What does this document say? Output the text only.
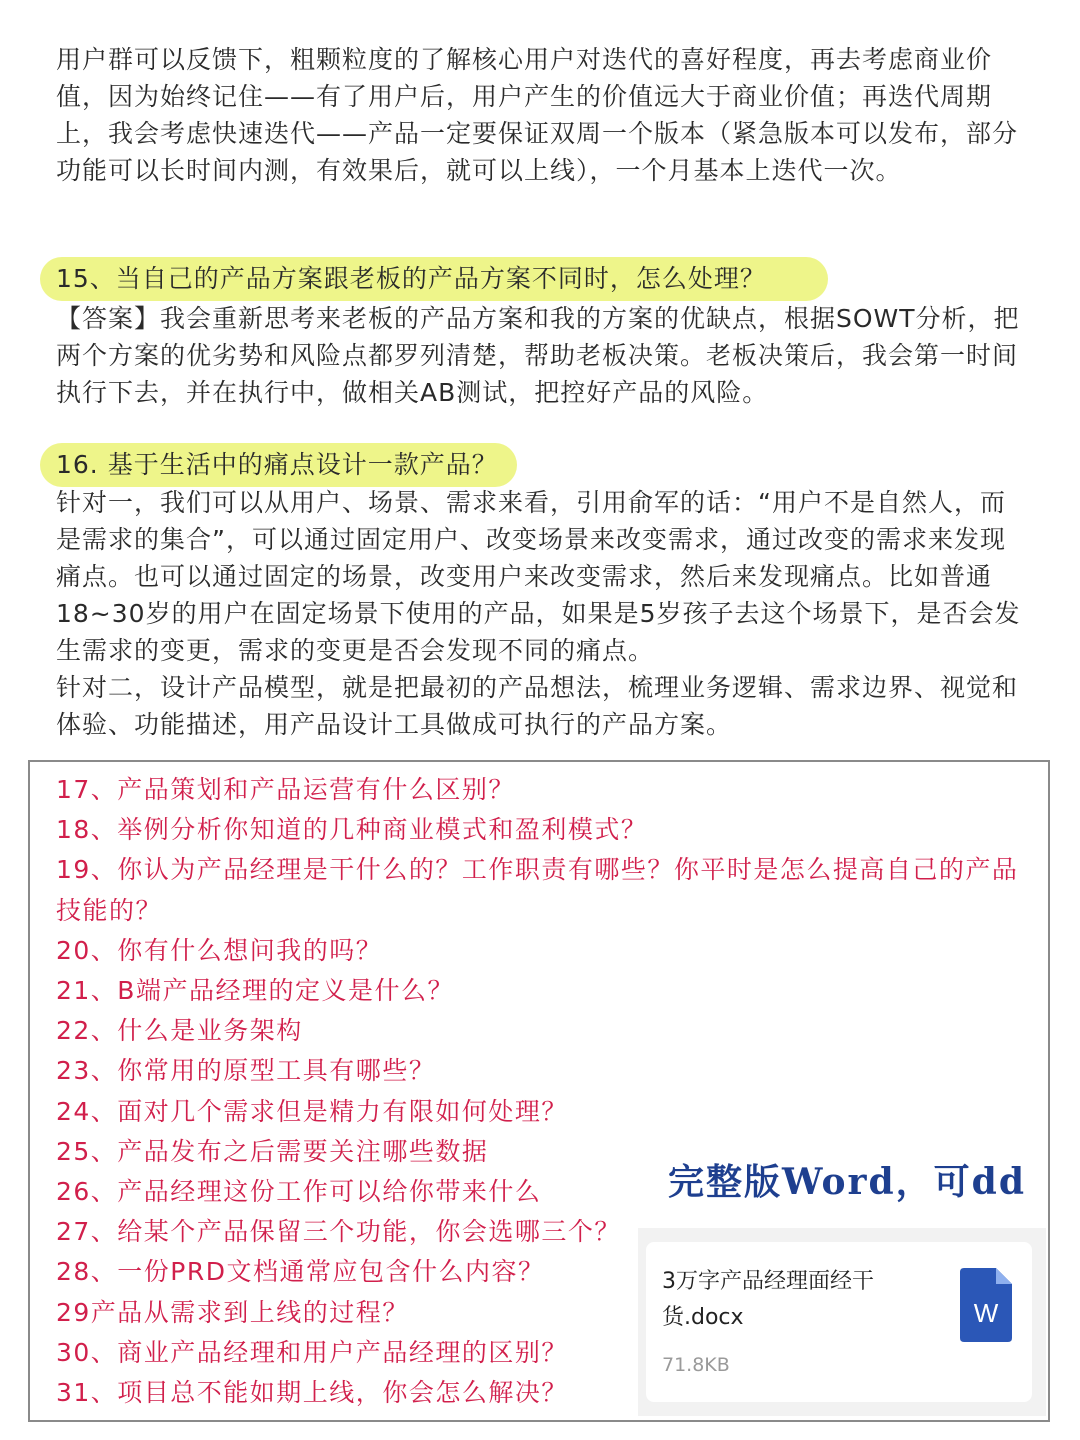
用户群可以反馈下，粗颗粒度的了解核心用户对迭代的喜好程度，再去考虑商业价值，因为始终记住——有了用户后，用户产生的价值远大于商业价值；再迭代周期上，我会考虑快速迭代——产品一定要保证双周一个版本（紧急版本可以发布，部分功能可以长时间内测，有效果后，就可以上线），一个月基本上迭代一次。

15、当自己的产品方案跟老板的产品方案不同时，怎么处理？

【答案】我会重新思考来老板的产品方案和我的方案的优缺点，根据SOWT分析，把两个方案的优劣势和风险点都罗列清楚，帮助老板决策。老板决策后，我会第一时间执行下去，并在执行中，做相关AB测试，把控好产品的风险。

16. 基于生活中的痛点设计一款产品？

针对一，我们可以从用户、场景、需求来看，引用俞军的话：“用户不是自然人，而是需求的集合”，可以通过固定用户、改变场景来改变需求，通过改变的需求来发现痛点。也可以通过固定的场景，改变用户来改变需求，然后来发现痛点。比如普通18~30岁的用户在固定场景下使用的产品，如果是5岁孩子去这个场景下，是否会发生需求的变更，需求的变更是否会发现不同的痛点。

针对二，设计产品模型，就是把最初的产品想法，梳理业务逻辑、需求边界、视觉和体验、功能描述，用产品设计工具做成可执行的产品方案。

17、产品策划和产品运营有什么区别？
18、举例分析你知道的几种商业模式和盈利模式？
19、你认为产品经理是干什么的？工作职责有哪些？你平时是怎么提高自己的产品技能的？
20、你有什么想问我的吗？
21、B端产品经理的定义是什么？
22、什么是业务架构
23、你常用的原型工具有哪些？
24、面对几个需求但是精力有限如何处理？
25、产品发布之后需要关注哪些数据
26、产品经理这份工作可以给你带来什么
27、给某个产品保留三个功能，你会选哪三个？
28、一份PRD文档通常应包含什么内容？
29产品从需求到上线的过程？
30、商业产品经理和用户产品经理的区别？
31、项目总不能如期上线，你会怎么解决？
完整版Word，可dd
3万字产品经理面经干货.docx
71.8KB
W
